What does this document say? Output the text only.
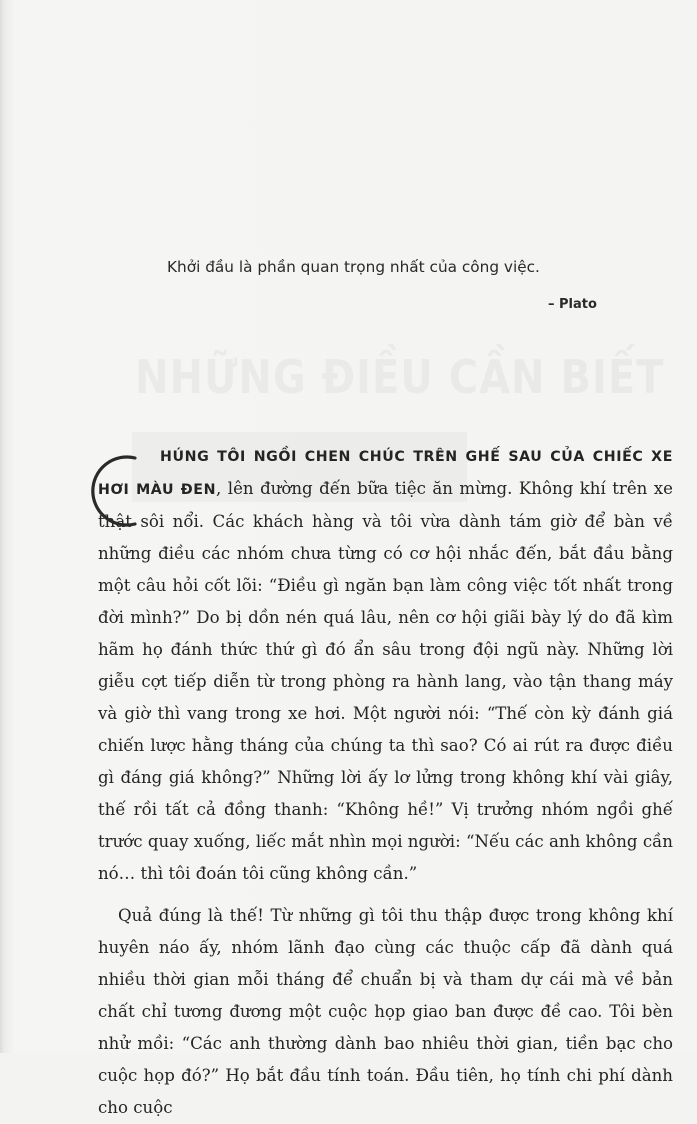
Khởi đầu là phần quan trọng nhất của công việc.
– Plato

C	HÚNG TÔI NGỒI CHEN CHÚC TRÊN GHẾ SAU CỦA CHIẾC XE HƠI MÀU ĐEN, lên đường đến bữa tiệc ăn mừng. Không khí trên xe thật sôi nổi. Các khách hàng và tôi vừa dành tám giờ để bàn về những điều các nhóm chưa từng có cơ hội nhắc đến, bắt đầu bằng một câu hỏi cốt lõi: “Điều gì ngăn bạn làm công việc tốt nhất trong đời mình?” Do bị dồn nén quá lâu, nên cơ hội giãi bày lý do đã kìm hãm họ đánh thức thứ gì đó ẩn sâu trong đội ngũ này. Những lời giễu cợt tiếp diễn từ trong phòng ra hành lang, vào tận thang máy và giờ thì vang trong xe hơi. Một người nói: “Thế còn kỳ đánh giá chiến lược hằng tháng của chúng ta thì sao? Có ai rút ra được điều gì đáng giá không?” Những lời ấy lơ lửng trong không khí vài giây, thế rồi tất cả đồng thanh: “Không hề!” Vị trưởng nhóm ngồi ghế trước quay xuống, liếc mắt nhìn mọi người: “Nếu các anh không cần nó… thì tôi đoán tôi cũng không cần.”

Quả đúng là thế! Từ những gì tôi thu thập được trong không khí huyên náo ấy, nhóm lãnh đạo cùng các thuộc cấp đã dành quá nhiều thời gian mỗi tháng để chuẩn bị và tham dự cái mà về bản chất chỉ tương đương một cuộc họp giao ban được đề cao. Tôi bèn nhử mồi: “Các anh thường dành bao nhiêu thời gian, tiền bạc cho cuộc họp đó?” Họ bắt đầu tính toán. Đầu tiên, họ tính chi phí dành cho cuộc
